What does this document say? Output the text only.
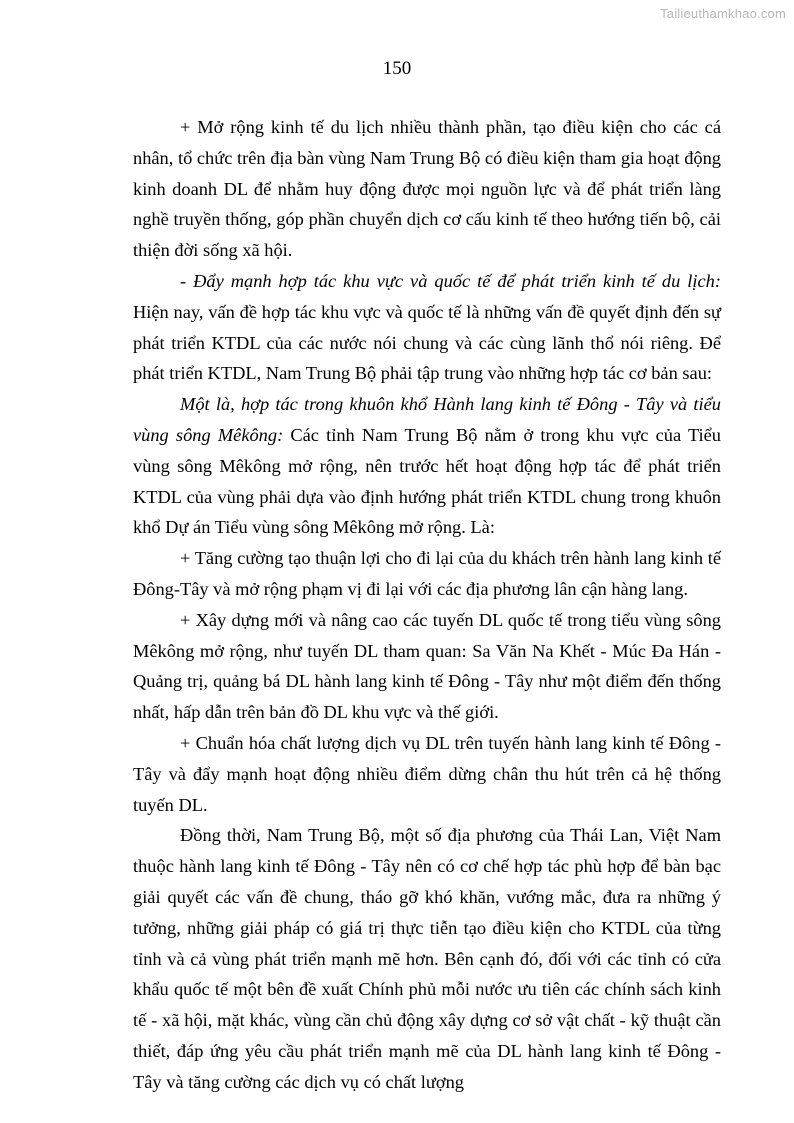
Tailieuthamkhao.com
150

+ Mở rộng kinh tế du lịch nhiều thành phần, tạo điều kiện cho các cá nhân, tổ chức trên địa bàn vùng Nam Trung Bộ có điều kiện tham gia hoạt động kinh doanh DL để nhằm huy động được mọi nguồn lực và để phát triển làng nghề truyền thống, góp phần chuyển dịch cơ cấu kinh tế theo hướng tiến bộ, cải thiện đời sống xã hội.

- Đẩy mạnh hợp tác khu vực và quốc tế để phát triển kinh tế du lịch: Hiện nay, vấn đề hợp tác khu vực và quốc tế là những vấn đề quyết định đến sự phát triển KTDL của các nước nói chung và các cùng lãnh thổ nói riêng. Để phát triển KTDL, Nam Trung Bộ phải tập trung vào những hợp tác cơ bản sau:

Một là, hợp tác trong khuôn khổ Hành lang kinh tế Đông - Tây và tiểu vùng sông Mêkông: Các tỉnh Nam Trung Bộ nằm ở trong khu vực của Tiểu vùng sông Mêkông mở rộng, nên trước hết hoạt động hợp tác để phát triển KTDL của vùng phải dựa vào định hướng phát triển KTDL chung trong khuôn khổ Dự án Tiểu vùng sông Mêkông mở rộng. Là:

+ Tăng cường tạo thuận lợi cho đi lại của du khách trên hành lang kinh tế Đông-Tây và mở rộng phạm vị đi lại với các địa phương lân cận hàng lang.

+ Xây dựng mới và nâng cao các tuyến DL quốc tế trong tiểu vùng sông Mêkông mở rộng, như tuyến DL tham quan: Sa Văn Na Khết - Múc Đa Hán - Quảng trị, quảng bá DL hành lang kinh tế Đông - Tây như một điểm đến thống nhất, hấp dẫn trên bản đồ DL khu vực và thế giới.

+ Chuẩn hóa chất lượng dịch vụ DL trên tuyến hành lang kinh tế Đông - Tây và đẩy mạnh hoạt động nhiều điểm dừng chân thu hút trên cả hệ thống tuyến DL.

Đồng thời, Nam Trung Bộ, một số địa phương của Thái Lan, Việt Nam thuộc hành lang kinh tế Đông - Tây nên có cơ chế hợp tác phù hợp để bàn bạc giải quyết các vấn đề chung, tháo gỡ khó khăn, vướng mắc, đưa ra những ý tưởng, những giải pháp có giá trị thực tiễn tạo điều kiện cho KTDL của từng tỉnh và cả vùng phát triển mạnh mẽ hơn. Bên cạnh đó, đối với các tỉnh có cửa khẩu quốc tế một bên đề xuất Chính phủ mỗi nước ưu tiên các chính sách kinh tế - xã hội, mặt khác, vùng cần chủ động xây dựng cơ sở vật chất - kỹ thuật cần thiết, đáp ứng yêu cầu phát triển mạnh mẽ của DL hành lang kinh tế Đông - Tây và tăng cường các dịch vụ có chất lượng
